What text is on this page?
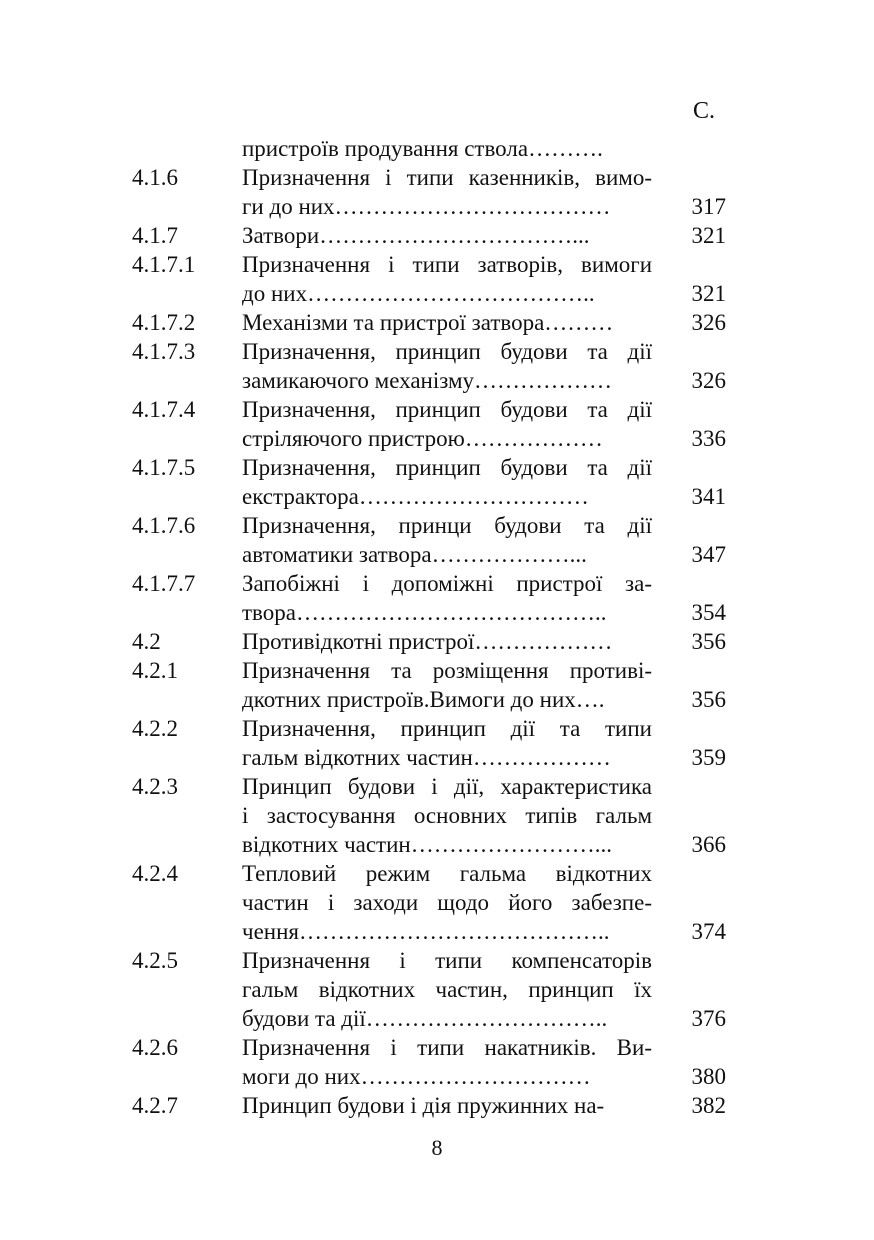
С.
пристроїв продування ствола……….
4.1.6	Призначення і типи казенників, вимо-
ги до них………………………………	317
4.1.7	Затвори……………………………...	321
4.1.7.1 Призначення і типи затворів, вимоги
до них………………………………..	321
4.1.7.2 Механізми та пристрої затвора………	326
4.1.7.3 Призначення, принцип будови та дії
замикаючого механізму………………	326
4.1.7.4 Призначення, принцип будови та дії
стріляючого пристрою………………	336
4.1.7.5 Призначення, принцип будови та дії
екстрактора…………………………	341
4.1.7.6 Призначення, принци будови та дії
автоматики затвора………………...	347
4.1.7.7 Запобіжні і допоміжні пристрої за-
твора…………………………………..	354
4.2	Противідкотні пристрої………………	356
4.2.1	Призначення та розміщення противі-
дкотних пристроїв.Вимоги до них….	356
4.2.2	Призначення, принцип дії та типи
гальм відкотних частин………………	359
4.2.3	Принцип будови і дії, характеристика
і застосування основних типів гальм
відкотних частин……………………...	366
4.2.4	Тепловий режим гальма відкотних
частин і заходи щодо його забезпе-
чення…………………………………..	374
4.2.5	Призначення і типи компенсаторів
гальм відкотних частин, принцип їх
будови та дії…………………………..	376
4.2.6	Призначення і типи накатників. Ви-
моги до них…………………………	380
4.2.7	Принцип будови і дія пружинних на-	382
8
